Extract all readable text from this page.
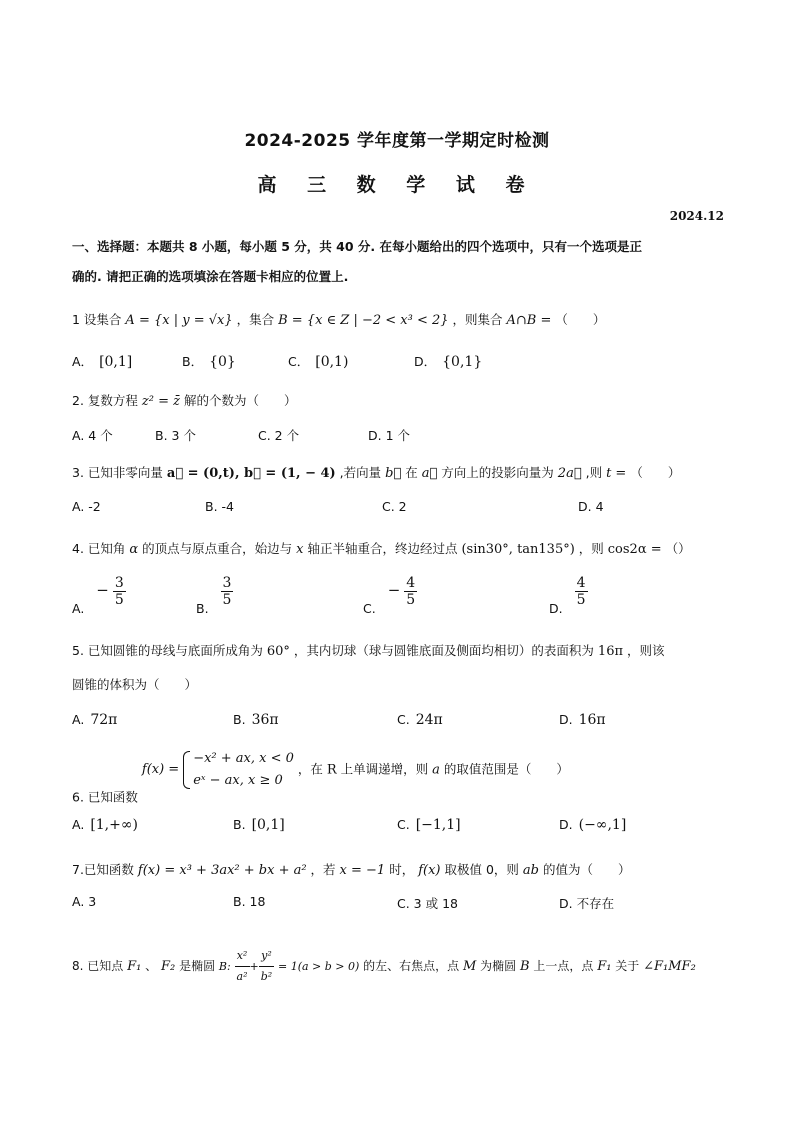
2024-2025 学年度第一学期定时检测
高 三 数 学 试 卷
2024.12
一、选择题：本题共 8 小题，每小题 5 分，共 40 分. 在每小题给出的四个选项中，只有一个选项是正
确的. 请把正确的选项填涂在答题卡相应的位置上.
1 设集合 A = {x | y = √x} ，集合 B = {x ∈ Z | −2 < x³ < 2} ，则集合 A∩B = （　　）
A． [0,1]	B． {0}	C． [0,1)	D． {0,1}
2. 复数方程 z² = z̄ 解的个数为（　　）
A. 4 个	B. 3 个	C. 2 个	D. 1 个
3. 已知非零向量 a⃗ = (0,t), b⃗ = (1, − 4) ,若向量 b⃗ 在 a⃗ 方向上的投影向量为 2a⃗ ,则 t = （　　）
A. -2	B. -4	C. 2	D. 4
4. 已知角 α 的顶点与原点重合，始边与 x 轴正半轴重合，终边经过点 (sin30°, tan135°) ，则 cos2α = （）
A. − $\frac{3}{5}$
B.
$\frac{3}{5}$
C. − $\frac{4}{5}$
D.
$\frac{4}{5}$
5. 已知圆锥的母线与底面所成角为 60° ，其内切球（球与圆锥底面及侧面均相切）的表面积为 16π ，则该
圆锥的体积为（　　）
A. 72π	B. 36π	C. 24π	D. 16π
6. 已知函数 f(x) =
−x² + ax, x < 0
eˣ − ax, x ≥ 0
，在 R 上单调递增，则 a 的取值范围是（　　）
A. [1,+∞)	B. [0,1]	C. [−1,1]	D. (−∞,1]
7.已知函数 f(x) = x³ + 3ax² + bx + a² ，若 x = −1 时， f(x) 取极值 0，则 ab 的值为（　　）
A. 3	B. 18	C. 3 或 18	D. 不存在
8. 已知点 F₁ 、 F₂ 是椭圆 B: $\frac{\text{x²}}{\text{a²}} + \frac{\text{y²}}{\text{b²}} = 1(a > b > 0)$ 的左、右焦点，点 M 为椭圆 B 上一点，点 F₁ 关于 ∠F₁MF₂
